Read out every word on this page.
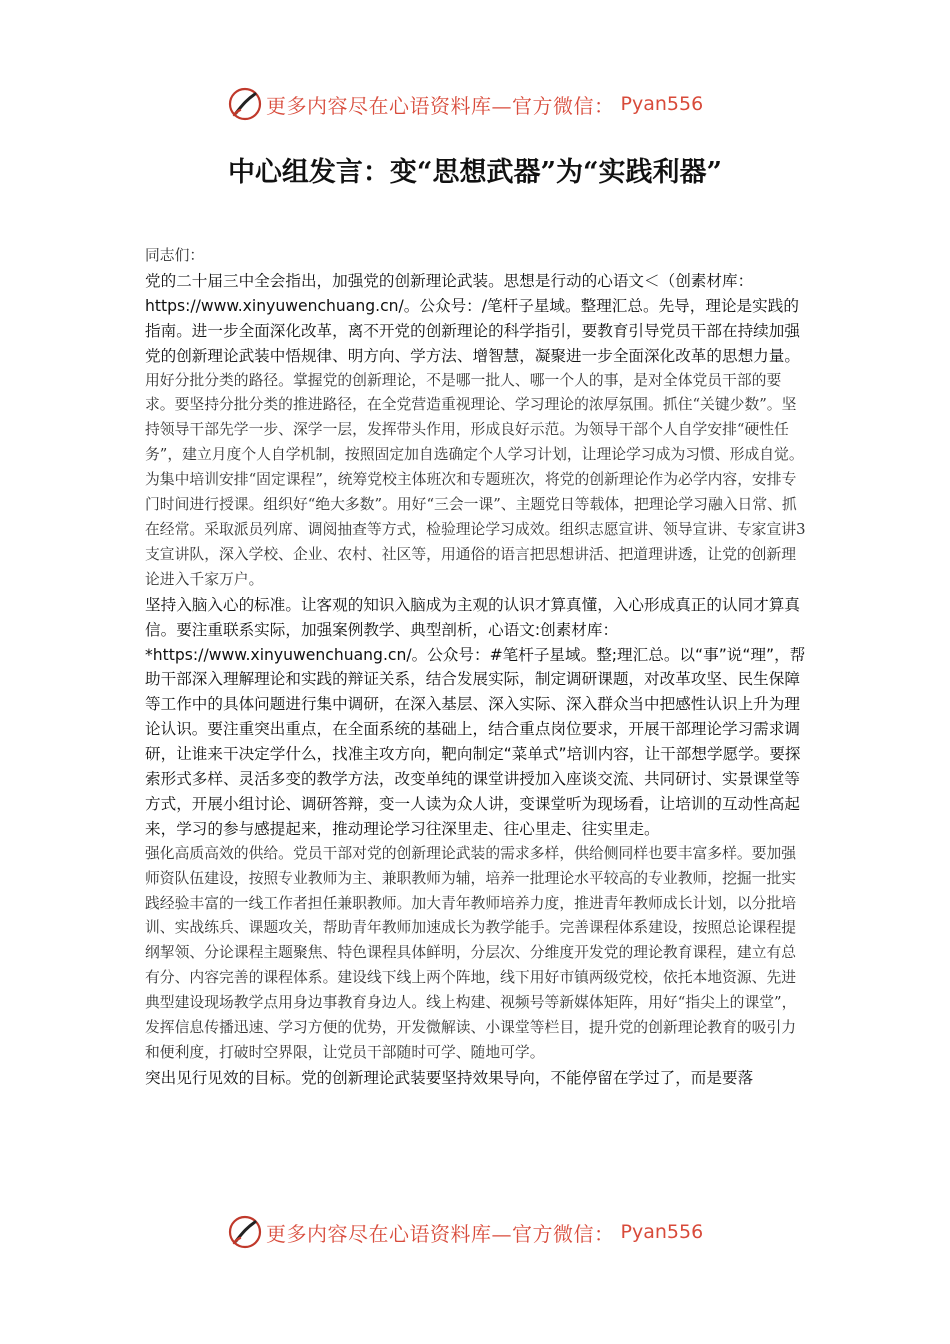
更多内容尽在心语资料库—官方微信： Pyan556
中心组发言：变“思想武器”为“实践利器”

同志们：

党的二十届三中全会指出，加强党的创新理论武装。思想是行动的心语文＜（创素材库：https://www.xinyuwenchuang.cn/。公众号：/笔杆子星域。整理汇总。先导，理论是实践的指南。进一步全面深化改革，离不开党的创新理论的科学指引，要教育引导党员干部在持续加强党的创新理论武装中悟规律、明方向、学方法、增智慧，凝聚进一步全面深化改革的思想力量。

用好分批分类的路径。掌握党的创新理论，不是哪一批人、哪一个人的事，是对全体党员干部的要求。要坚持分批分类的推进路径，在全党营造重视理论、学习理论的浓厚氛围。抓住“关键少数”。坚持领导干部先学一步、深学一层，发挥带头作用，形成良好示范。为领导干部个人自学安排“硬性任务”，建立月度个人自学机制，按照固定加自选确定个人学习计划，让理论学习成为习惯、形成自觉。为集中培训安排“固定课程”，统筹党校主体班次和专题班次，将党的创新理论作为必学内容，安排专门时间进行授课。组织好“绝大多数”。用好“三会一课”、主题党日等载体，把理论学习融入日常、抓在经常。采取派员列席、调阅抽查等方式，检验理论学习成效。组织志愿宣讲、领导宣讲、专家宣讲3支宣讲队，深入学校、企业、农村、社区等，用通俗的语言把思想讲活、把道理讲透，让党的创新理论进入千家万户。

坚持入脑入心的标准。让客观的知识入脑成为主观的认识才算真懂，入心形成真正的认同才算真信。要注重联系实际，加强案例教学、典型剖析，心语文:创素材库：*https://www.xinyuwenchuang.cn/。公众号：#笔杆子星域。整;理汇总。以“事”说“理”，帮助干部深入理解理论和实践的辩证关系，结合发展实际，制定调研课题，对改革攻坚、民生保障等工作中的具体问题进行集中调研，在深入基层、深入实际、深入群众当中把感性认识上升为理论认识。要注重突出重点，在全面系统的基础上，结合重点岗位要求，开展干部理论学习需求调研，让谁来干决定学什么，找准主攻方向，靶向制定“菜单式”培训内容，让干部想学愿学。要探索形式多样、灵活多变的教学方法，改变单纯的课堂讲授加入座谈交流、共同研讨、实景课堂等方式，开展小组讨论、调研答辩，变一人读为众人讲，变课堂听为现场看，让培训的互动性高起来，学习的参与感提起来，推动理论学习往深里走、往心里走、往实里走。

强化高质高效的供给。党员干部对党的创新理论武装的需求多样，供给侧同样也要丰富多样。要加强师资队伍建设，按照专业教师为主、兼职教师为辅，培养一批理论水平较高的专业教师，挖掘一批实践经验丰富的一线工作者担任兼职教师。加大青年教师培养力度，推进青年教师成长计划，以分批培训、实战练兵、课题攻关，帮助青年教师加速成长为教学能手。完善课程体系建设，按照总论课程提纲挈领、分论课程主题聚焦、特色课程具体鲜明，分层次、分维度开发党的理论教育课程，建立有总有分、内容完善的课程体系。建设线下线上两个阵地，线下用好市镇两级党校，依托本地资源、先进典型建设现场教学点用身边事教育身边人。线上构建、视频号等新媒体矩阵，用好“指尖上的课堂”，发挥信息传播迅速、学习方便的优势，开发微解读、小课堂等栏目，提升党的创新理论教育的吸引力和便利度，打破时空界限，让党员干部随时可学、随地可学。

突出见行见效的目标。党的创新理论武装要坚持效果导向，不能停留在学过了，而是要落

更多内容尽在心语资料库—官方微信： Pyan556
